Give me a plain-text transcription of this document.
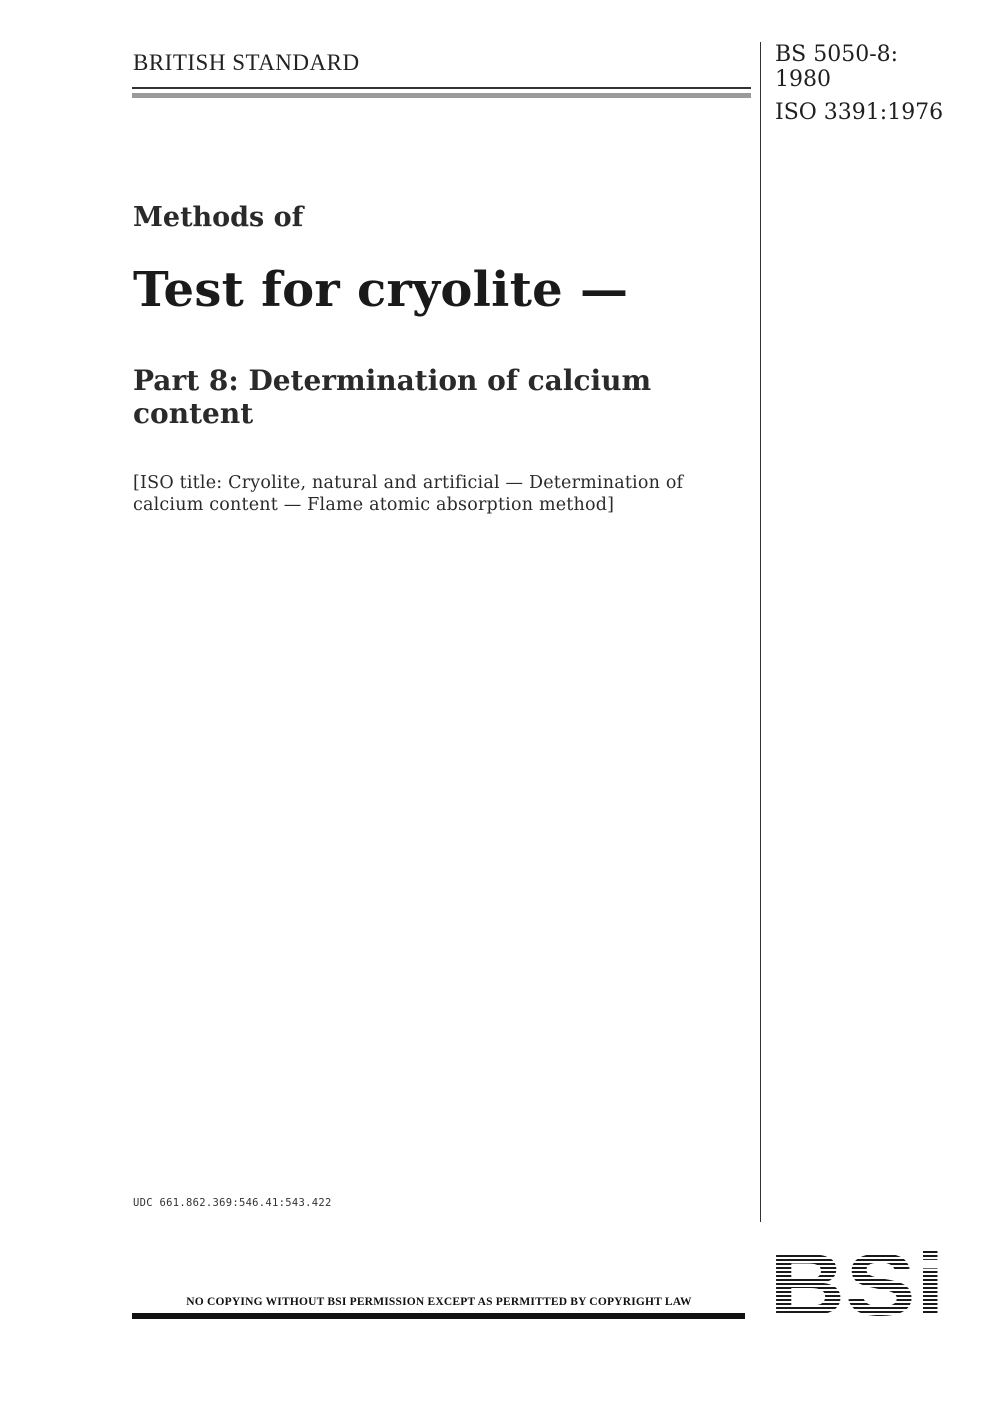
BRITISH STANDARD	BS 5050-8:
1980
ISO 3391:1976
Methods of
Test for cryolite —
Part 8: Determination of calcium
content
[ISO title: Cryolite, natural and artificial — Determination of
calcium content — Flame atomic absorption method]
UDC 661.862.369:546.41:543.422
NO COPYING WITHOUT BSI PERMISSION EXCEPT AS PERMITTED BY COPYRIGHT LAW
